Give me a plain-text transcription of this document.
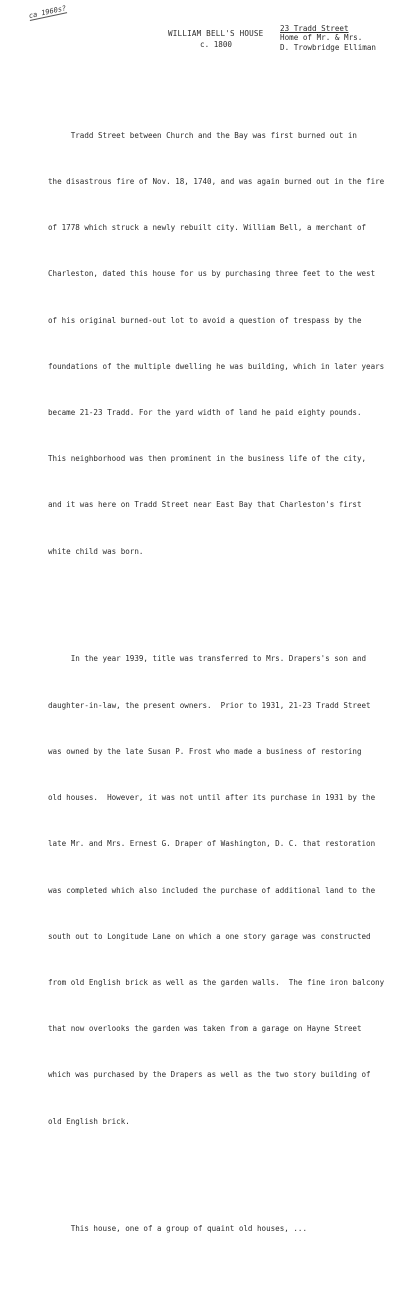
ca 1960s?
WILLIAM BELL'S HOUSE
c. 1800
23 Tradd Street
Home of Mr. & Mrs.
D. Trowbridge Elliman

Tradd Street between Church and the Bay was first burned out in

the disastrous fire of Nov. 18, 1740, and was again burned out in the fire

of 1778 which struck a newly rebuilt city. William Bell, a merchant of

Charleston, dated this house for us by purchasing three feet to the west

of his original burned-out lot to avoid a question of trespass by the

foundations of the multiple dwelling he was building, which in later years

became 21-23 Tradd. For the yard width of land he paid eighty pounds.

This neighborhood was then prominent in the business life of the city,

and it was here on Tradd Street near East Bay that Charleston's first

white child was born.

In the year 1939, title was transferred to Mrs. Drapers's son and

daughter-in-law, the present owners.  Prior to 1931, 21-23 Tradd Street

was owned by the late Susan P. Frost who made a business of restoring

old houses.  However, it was not until after its purchase in 1931 by the

late Mr. and Mrs. Ernest G. Draper of Washington, D. C. that restoration

was completed which also included the purchase of additional land to the

south out to Longitude Lane on which a one story garage was constructed

from old English brick as well as the garden walls.  The fine iron balcony

that now overlooks the garden was taken from a garage on Hayne Street

which was purchased by the Drapers as well as the two story building of

old English brick.

This house, one of a group of quaint old houses, ...
